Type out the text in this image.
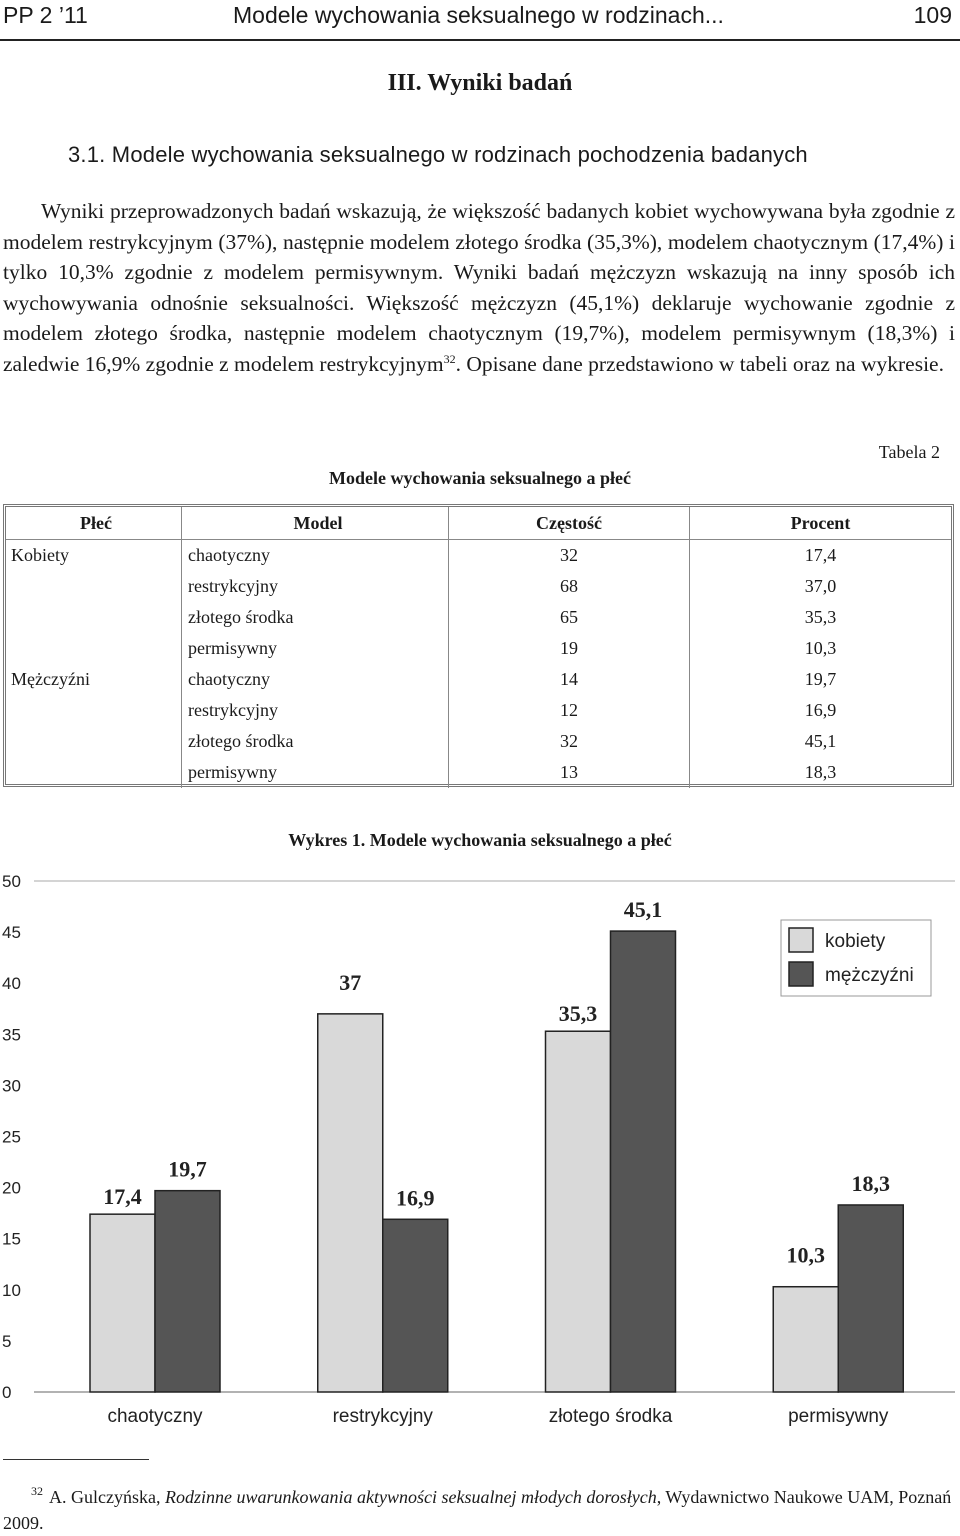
PP 2 ’11	Modele wychowania seksualnego w rodzinach...	109
III. Wyniki badań
3.1. Modele wychowania seksualnego w rodzinach pochodzenia badanych

Wyniki przeprowadzonych badań wskazują, że większość badanych kobiet wychowywana była zgodnie z modelem restrykcyjnym (37%), następnie modelem złotego środka (35,3%), modelem chaotycznym (17,4%) i tylko 10,3% zgodnie z modelem permisywnym. Wyniki badań mężczyzn wskazują na inny sposób ich wychowywania odnośnie seksualności. Większość mężczyzn (45,1%) deklaruje wychowanie zgodnie z modelem złotego środka, następnie modelem chaotycznym (19,7%), modelem permisywnym (18,3%) i zaledwie 16,9% zgodnie z modelem restrykcyjnym$^{32}$. Opisane dane przedstawiono w tabeli oraz na wykresie.

Tabela 2
Modele wychowania seksualnego a płeć
Płeć	Model	Częstość	Procent
Kobiety	chaotyczny	32	17,4
	restrykcyjny	68	37,0
	złotego środka	65	35,3
	permisywny	19	10,3
Mężczyźni	chaotyczny	14	19,7
	restrykcyjny	12	16,9
	złotego środka	32	45,1
	permisywny	13	18,3
Wykres 1. Modele wychowania seksualnego a płeć
0
5
10
15
20
25
30
35
40
45
50
17,4
19,7
chaotyczny
37
16,9
restrykcyjny
35,3
45,1
złotego środka
10,3
18,3
permisywny
kobiety
mężczyźni

$^{32}$ A. Gulczyńska, Rodzinne uwarunkowania aktywności seksualnej młodych dorosłych, Wydawnictwo Naukowe UAM, Poznań 2009.
